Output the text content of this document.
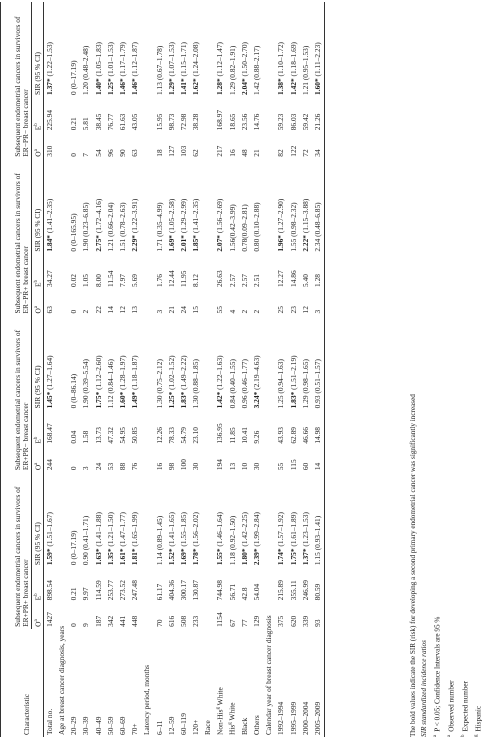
Characteristic	Subsequent endometrial cancers in survivors of ER+PR+ breast cancer			Subsequent endometrial cancers in survivors of ER+PR− breast cancer			Subsequent endometrial cancers in survivors of ER−PR+ breast cancer			Subsequent endometrial cancers in survivors of ER−PR− breast cancer		
	$O^a$	$E^b$	SIR (95 % CI)	$O^a$	$E^b$	SIR (95 % CI)	$O^a$	$E^b$	SIR (95 % CI)	$O^a$	$E^b$	SIR (95 % CI)
Total no.	1427	898.54	1.59* (1.51–1.67)	244	168.47	1.45* (1.27–1.64)	63	34.27	1.84* (1.41–2.35)	310	225.94	1.37* (1.22–1.53)
Age at breast cancer diagnosis, years												
20–29	0	0.21	0 (0–17.19)	0	0.04	0 (0–86.14)	0	0.02	0 (0–165.95)	0	0.21	0 (0–17.19)
30–39	9	9.97	0.90 (0.41–1.71)	3	1.58	1.90 (0.39–5.54)	2	1.05	1.90 (0.23–6.85)	7	5.81	1.20 (0.48–2.48)
40–49	187	114.59	1.63* (1.41–1.88)	24	13.73	1.75* (1.12–2.60)	22	8.00	2.75* (1.72–4.16)	54	38.45	1.40* (1.05–1.83)
50–59	342	253.77	1.35* (1.21–1.50)	53	47.32	1.12 (0.84–1.46)	14	11.54	1.21 (0.66–2.04)	96	76.77	1.25* (1.01–1.53)
60–69	441	273.52	1.61* (1.47–1.77)	88	54.95	1.60* (1.28–1.97)	12	7.97	1.51 (0.78–2.63)	90	61.63	1.46* (1.17–1.79)
70+	448	247.48	1.81* (1.65–1.99)	76	50.85	1.49* (1.18–1.87)	13	5.69	2.29* (1.22–3.91)	63	43.05	1.46* (1.12–1.87)
Latency period, months												
6–11	70	61.17	1.14 (0.89–1.45)	16	12.26	1.30 (0.75–2.12)	3	1.76	1.71 (0.35–4.99)	18	15.95	1.13 (0.67–1.78)
12–59	616	404.36	1.52* (1.41–1.65)	98	78.33	1.25* (1.02–1.52)	21	12.44	1.69* (1.05–2.58)	127	98.73	1.29* (1.07–1.53)
60–119	508	300.17	1.69* (1.55–1.85)	100	54.79	1.83* (1.49–2.22)	24	11.95	2.01* (1.29–2.99)	103	72.98	1.41* (1.15–1.71)
120+	233	130.87	1.78* (1.56–2.02)	30	23.10	1.30 (0.88–1.85)	15	8.12	1.85* (1.41–2.35)	62	38.28	1.62* (1.24–2.08)
Race												
Non-His$^g$ White	1154	744.98	1.55* (1.46–1.64)	194	136.95	1.42* (1.22–1.63)	55	26.63	2.07* (1.56–2.69)	217	168.97	1.28* (1.12–1.47)
His$^g$ White	67	56.71	1.18 (0.92–1.50)	13	11.85	0.84 (0.40–1.55)	4	2.57	1.56(0.42–3.99)	16	18.65	1.29 (0.82–1.91)
Black	77	42.8	1.80* (1.42–2.25)	10	10.41	0.96 (0.46–1.77)	2	2.57	0.78(0.09–2.81)	48	23.56	2.04* (1.50–2.70)
Others	129	54.04	2.39* (1.99–2.84)	30	9.26	3.24* (2.19–4.63)	2	2.51	0.80 (0.10–2.88)	21	14.76	1.42 (0.88–2.17)
Calendar year of breast cancer diagnosis												
1992–1994	375	215.89	1.74* (1.57–1.92)	55	43.93	1.25 (0.94–1.63)	25	12.27	1.96* (1.27–2.90)	82	59.23	1.38* (1.10–1.72)
1995–1999	620	355.11	1.75* (1.61–1.89)	115	62.89	1.83* (1.51–2.19)	23	14.86	1.55 (0.98–2.32)	122	86.03	1.42* (1.18–1.69)
2000–2004	339	246.99	1.37* (1.23–1.53)	60	46.66	1.29 (0.98–1.65)	12	5.40	2.22* (1.15–3.88)	72	59.42	1.21 (0.95–1.53)
2005–2009	93	80.59	1.15 (0.93–1.41)	14	14.98	0.93 (0.51–1.57)	3	1.28	2.34 (0.48–6.85)	34	21.26	1.60* (1.11–2.23)
The bold values indicate the SIR (risk) for developing a second primary endometrial cancer was significantly increased SIR standardized incidence ratios	$^a$P < 0.05; Confidence Intervals are 95 %
$^a$Observed number
$^b$Expected number
$^g$Hispanic
